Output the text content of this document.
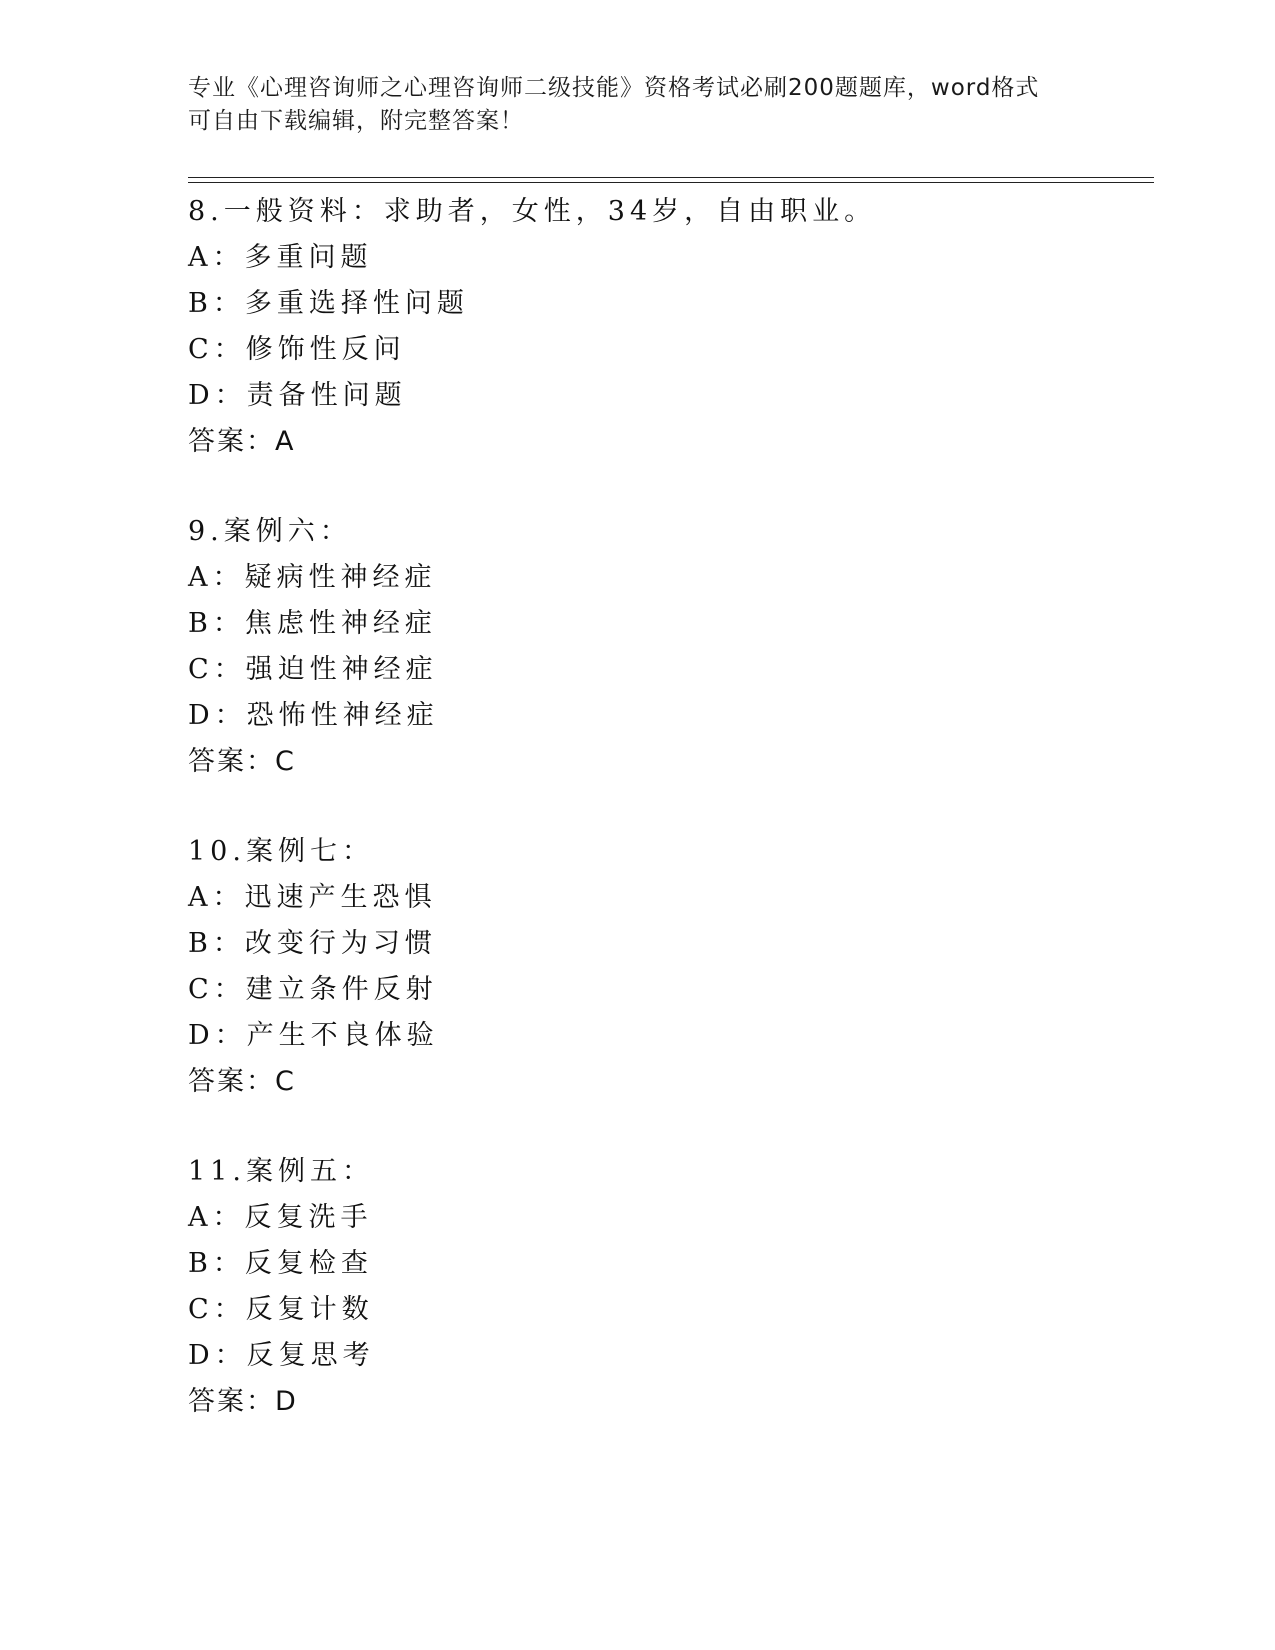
专业《心理咨询师之心理咨询师二级技能》资格考试必刷200题题库，word格式
可自由下载编辑，附完整答案！
8.一般资料：求助者，女性，34岁，自由职业。
A：多重问题
B：多重选择性问题
C：修饰性反问
D：责备性问题
答案：A
9.案例六：
A：疑病性神经症
B：焦虑性神经症
C：强迫性神经症
D：恐怖性神经症
答案：C
10.案例七：
A：迅速产生恐惧
B：改变行为习惯
C：建立条件反射
D：产生不良体验
答案：C
11.案例五：
A：反复洗手
B：反复检查
C：反复计数
D：反复思考
答案：D
